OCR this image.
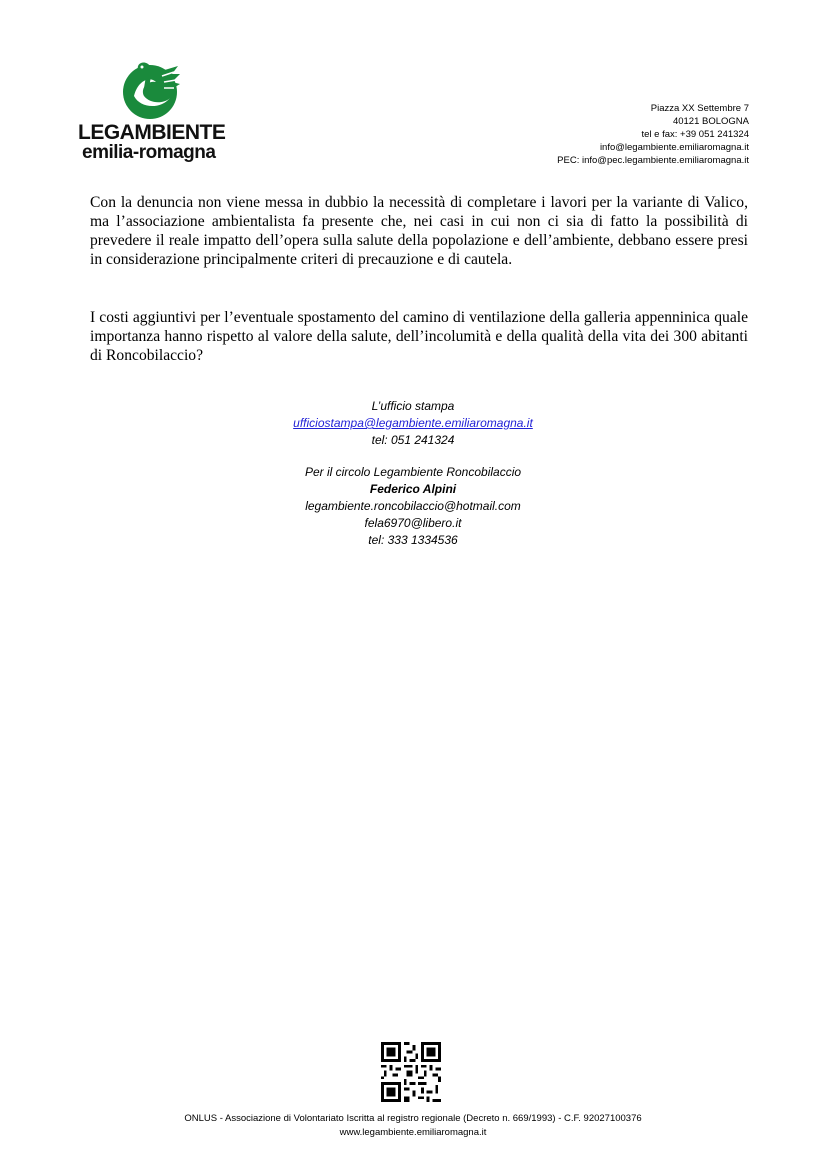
LEGAMBIENTE
emilia-romagna
Piazza XX Settembre 7
40121 BOLOGNA
tel e fax: +39 051 241324
info@legambiente.emiliaromagna.it
PEC: info@pec.legambiente.emiliaromagna.it

Con la denuncia non viene messa in dubbio la necessità di completare i lavori per la variante di Valico, ma l’associazione ambientalista fa presente che, nei casi in cui non ci sia di fatto la possibilità di prevedere il reale impatto dell’opera sulla salute della popolazione e dell’ambiente, debbano essere presi in considerazione principalmente criteri di precauzione e di cautela.

I costi aggiuntivi per l’eventuale spostamento del camino di ventilazione della galleria appenninica quale importanza hanno rispetto al valore della salute, dell’incolumità e della qualità della vita dei 300 abitanti di Roncobilaccio?

L’ufficio stampa
ufficiostampa@legambiente.emiliaromagna.it
tel: 051 241324
Per il circolo Legambiente Roncobilaccio
Federico Alpini
legambiente.roncobilaccio@hotmail.com
fela6970@libero.it
tel: 333 1334536
ONLUS - Associazione di Volontariato Iscritta al registro regionale (Decreto n. 669/1993) - C.F. 92027100376
www.legambiente.emiliaromagna.it
